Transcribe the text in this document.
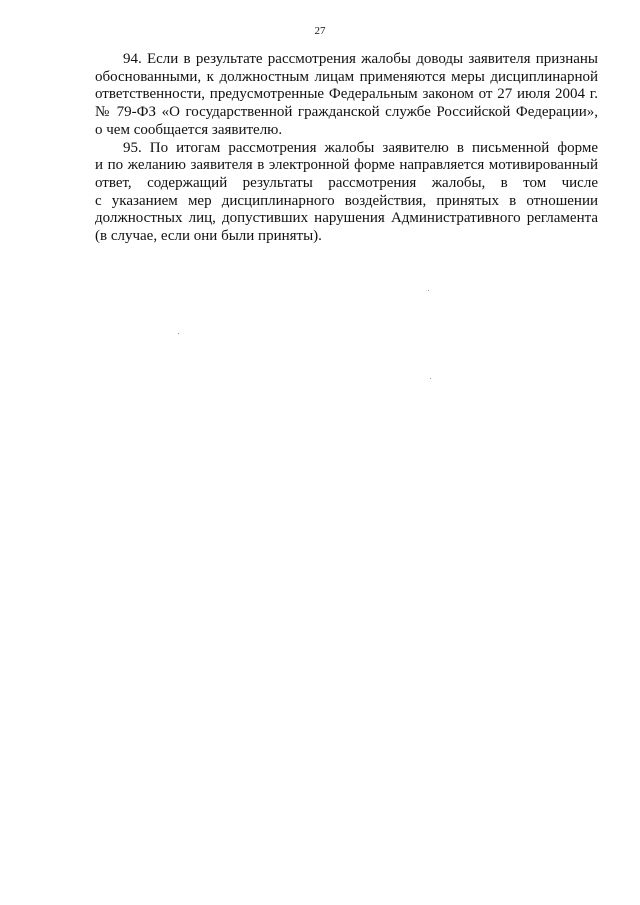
27
94. Если в результате рассмотрения жалобы доводы заявителя признаны
обоснованными, к должностным лицам применяются меры дисциплинарной
ответственности, предусмотренные Федеральным законом от 27 июля 2004 г.
№ 79-ФЗ «О государственной гражданской службе Российской Федерации»,
о чем сообщается заявителю.
95. По итогам рассмотрения жалобы заявителю в письменной форме
и по желанию заявителя в электронной форме направляется мотивированный
ответ, содержащий результаты рассмотрения жалобы, в том числе
с указанием мер дисциплинарного воздействия, принятых в отношении
должностных лиц, допустивших нарушения Административного регламента
(в случае, если они были приняты).
